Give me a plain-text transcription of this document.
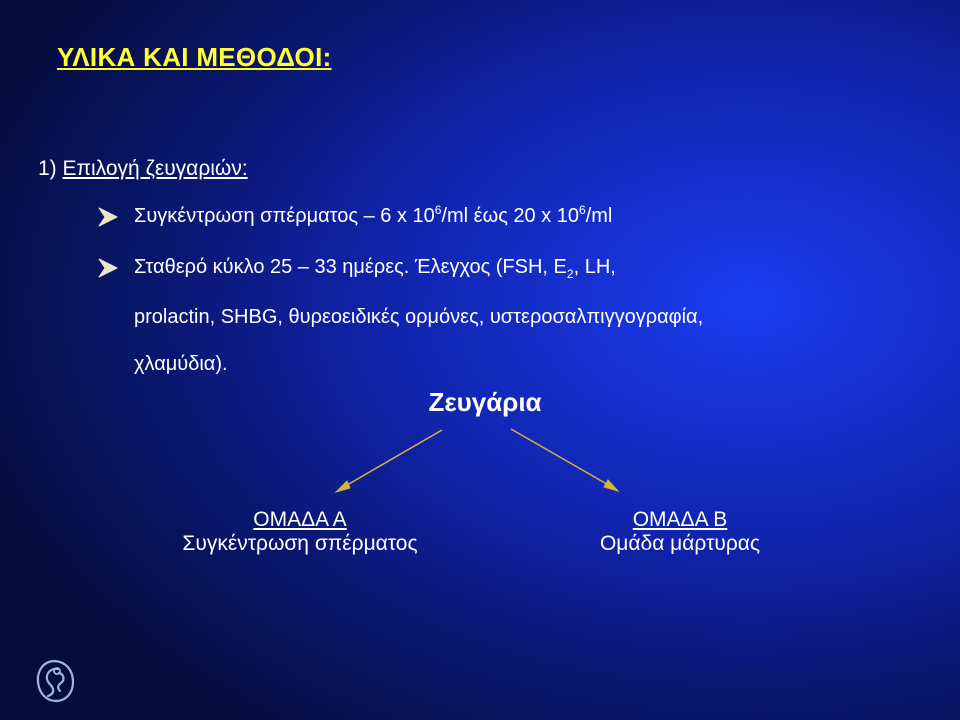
ΥΛΙΚΑ ΚΑΙ ΜΕΘΟΔΟΙ:
1) Επιλογή ζευγαριών:
Συγκέντρωση σπέρματος – 6 x $10^6/ml$ έως 20 x $10^6/ml$
Σταθερό κύκλο 25 – 33 ημέρες. Έλεγχος (FSH, $E_2$, LH,
prolactin, SHBG, θυρεοειδικές ορμόνες, υστεροσαλπιγγογραφία,
χλαμύδια).
Ζευγάρια
ΟΜΑΔΑ Α
Συγκέντρωση σπέρματος
ΟΜΑΔΑ Β
Ομάδα μάρτυρας
